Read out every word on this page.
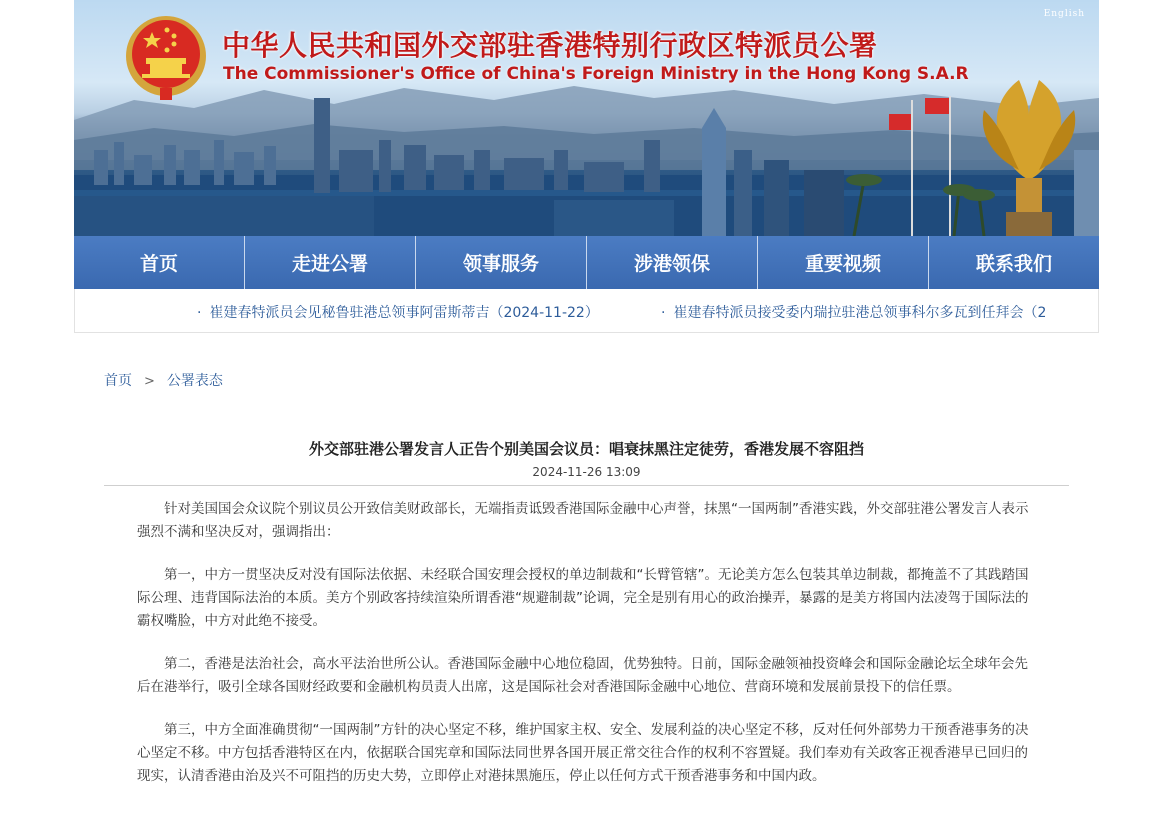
中华人民共和国外交部驻香港特别行政区特派员公署
The Commissioner's Office of China's Foreign Ministry in the Hong Kong S.A.R
English
首页	走进公署	领事服务	涉港领保	重要视频	联系我们
· 崔建春特派员会见秘鲁驻港总领事阿雷斯蒂吉（2024-11-22）	· 崔建春特派员接受委内瑞拉驻港总领事科尔多瓦到任拜会（2
首页 > 公署表态
外交部驻港公署发言人正告个别美国会议员：唱衰抹黑注定徒劳，香港发展不容阻挡
2024-11-26 13:09

针对美国国会众议院个别议员公开致信美财政部长，无端指责诋毁香港国际金融中心声誉，抹黑“一国两制”香港实践，外交部驻港公署发言人表示强烈不满和坚决反对，强调指出：

第一，中方一贯坚决反对没有国际法依据、未经联合国安理会授权的单边制裁和“长臂管辖”。无论美方怎么包装其单边制裁，都掩盖不了其践踏国际公理、违背国际法治的本质。美方个别政客持续渲染所谓香港“规避制裁”论调，完全是别有用心的政治操弄，暴露的是美方将国内法凌驾于国际法的霸权嘴脸，中方对此绝不接受。

第二，香港是法治社会，高水平法治世所公认。香港国际金融中心地位稳固，优势独特。日前，国际金融领袖投资峰会和国际金融论坛全球年会先后在港举行，吸引全球各国财经政要和金融机构员责人出席，这是国际社会对香港国际金融中心地位、营商环境和发展前景投下的信任票。

第三，中方全面准确贯彻“一国两制”方针的决心坚定不移，维护国家主权、安全、发展利益的决心坚定不移，反对任何外部势力干预香港事务的决心坚定不移。中方包括香港特区在内，依据联合国宪章和国际法同世界各国开展正常交往合作的权利不容置疑。我们奉劝有关政客正视香港早已回归的现实，认清香港由治及兴不可阻挡的历史大势，立即停止对港抹黑施压，停止以任何方式干预香港事务和中国内政。
